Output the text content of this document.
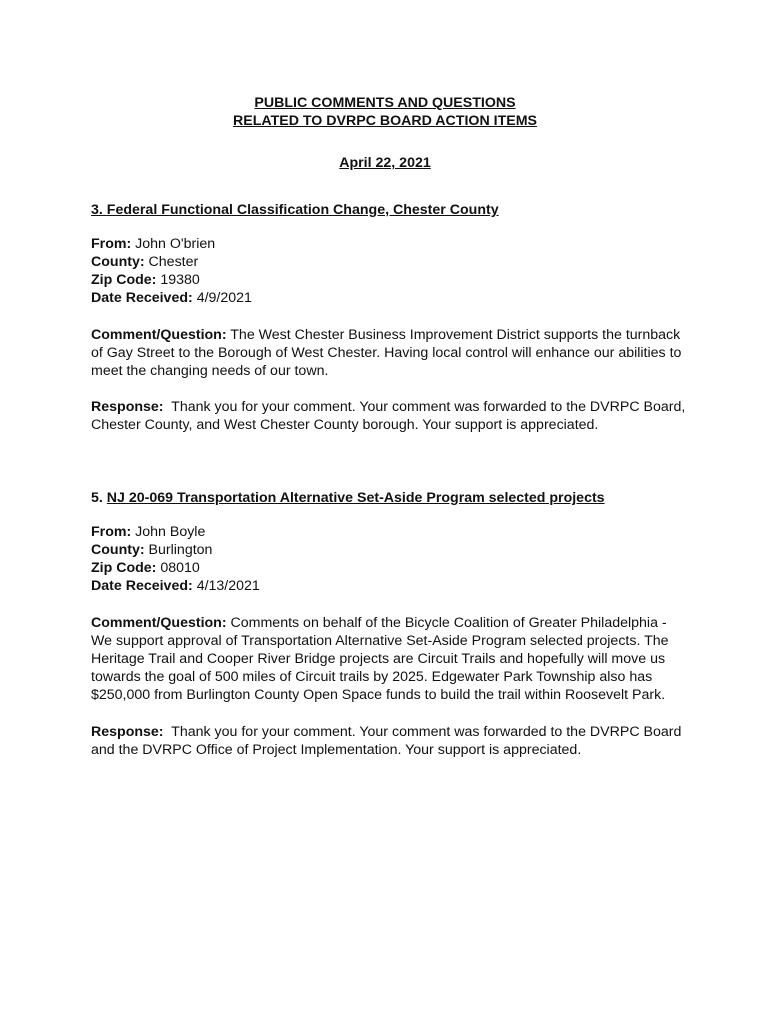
PUBLIC COMMENTS AND QUESTIONS
RELATED TO DVRPC BOARD ACTION ITEMS
April 22, 2021
3. Federal Functional Classification Change, Chester County
From: John O'brien
County: Chester
Zip Code: 19380
Date Received: 4/9/2021

Comment/Question: The West Chester Business Improvement District supports the turnback of Gay Street to the Borough of West Chester. Having local control will enhance our abilities to meet the changing needs of our town.

Response: Thank you for your comment. Your comment was forwarded to the DVRPC Board, Chester County, and West Chester County borough. Your support is appreciated.

5. NJ 20-069 Transportation Alternative Set-Aside Program selected projects
From: John Boyle
County: Burlington
Zip Code: 08010
Date Received: 4/13/2021

Comment/Question: Comments on behalf of the Bicycle Coalition of Greater Philadelphia - We support approval of Transportation Alternative Set-Aside Program selected projects. The Heritage Trail and Cooper River Bridge projects are Circuit Trails and hopefully will move us towards the goal of 500 miles of Circuit trails by 2025. Edgewater Park Township also has $250,000 from Burlington County Open Space funds to build the trail within Roosevelt Park.

Response: Thank you for your comment. Your comment was forwarded to the DVRPC Board and the DVRPC Office of Project Implementation. Your support is appreciated.
